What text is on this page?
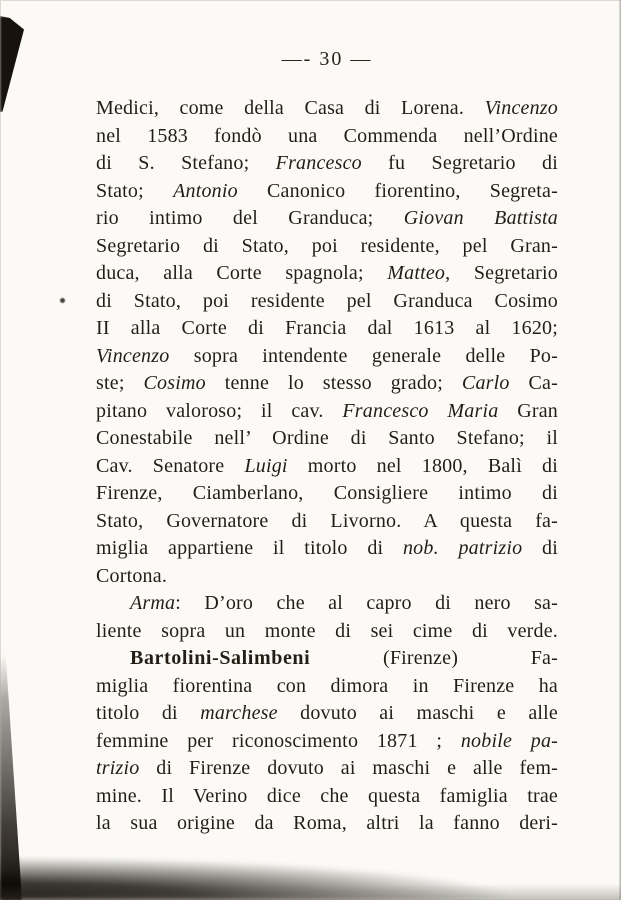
—- 30 —
Medici, come della Casa di Lorena. Vincenzo
nel 1583 fondò una Commenda nell’Ordine
di S. Stefano; Francesco fu Segretario di
Stato; Antonio Canonico fiorentino, Segreta-
rio intimo del Granduca; Giovan Battista
Segretario di Stato, poi residente, pel Gran-
duca, alla Corte spagnola; Matteo, Segretario
di Stato, poi residente pel Granduca Cosimo
II alla Corte di Francia dal 1613 al 1620;
Vincenzo sopra intendente generale delle Po-
ste; Cosimo tenne lo stesso grado; Carlo Ca-
pitano valoroso; il cav. Francesco Maria Gran
Conestabile nell’ Ordine di Santo Stefano; il
Cav. Senatore Luigi morto nel 1800, Balì di
Firenze, Ciamberlano, Consigliere intimo di
Stato, Governatore di Livorno. A questa fa-
miglia appartiene il titolo di nob. patrizio di
Cortona.
Arma: D’oro che al capro di nero sa-
liente sopra un monte di sei cime di verde.
Bartolini-Salimbeni (Firenze) Fa-
miglia fiorentina con dimora in Firenze ha
titolo di marchese dovuto ai maschi e alle
femmine per riconoscimento 1871 ; nobile pa-
trizio di Firenze dovuto ai maschi e alle fem-
mine. Il Verino dice che questa famiglia trae
la sua origine da Roma, altri la fanno deri-
